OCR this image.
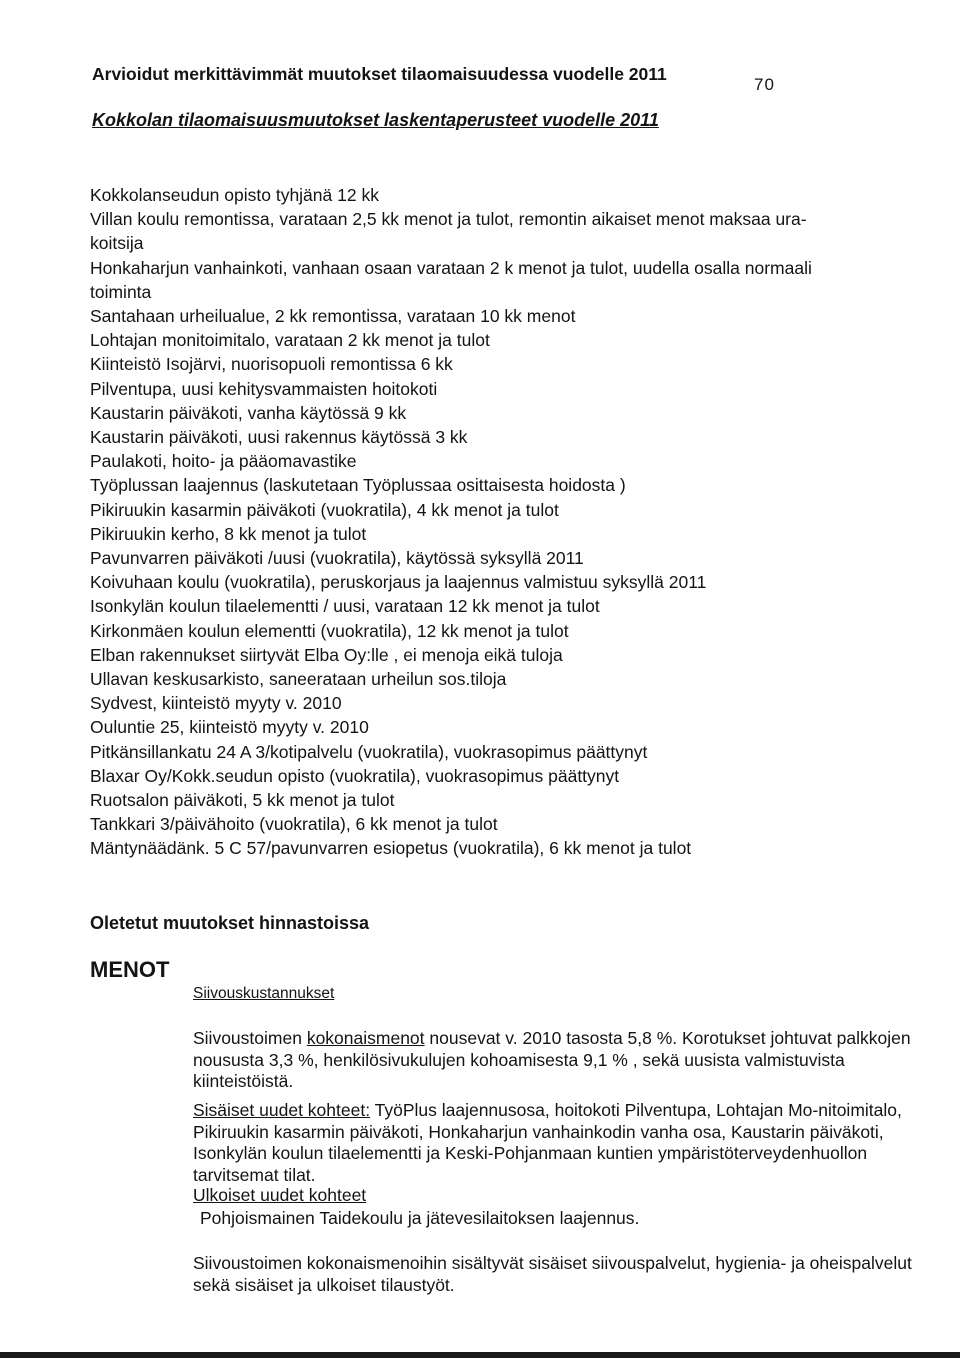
Arvioidut merkittävimmät muutokset tilaomaisuudessa vuodelle 2011
70
Kokkolan tilaomaisuusmuutokset laskentaperusteet vuodelle 2011
Kokkolanseudun opisto tyhjänä 12 kk
Villan koulu remontissa, varataan 2,5 kk menot ja tulot, remontin aikaiset menot maksaa ura-
koitsija
Honkaharjun vanhainkoti, vanhaan osaan varataan 2 k menot ja tulot, uudella osalla normaali
toiminta
Santahaan urheilualue, 2 kk remontissa, varataan 10 kk menot
Lohtajan monitoimitalo, varataan 2 kk menot ja tulot
Kiinteistö Isojärvi, nuorisopuoli remontissa 6 kk
Pilventupa, uusi kehitysvammaisten hoitokoti
Kaustarin päiväkoti, vanha käytössä 9 kk
Kaustarin päiväkoti, uusi rakennus käytössä 3 kk
Paulakoti, hoito- ja pääomavastike
Työplussan laajennus (laskutetaan Työplussaa osittaisesta hoidosta )
Pikiruukin kasarmin päiväkoti (vuokratila), 4 kk menot ja tulot
Pikiruukin kerho, 8 kk menot ja tulot
Pavunvarren päiväkoti /uusi (vuokratila), käytössä syksyllä 2011
Koivuhaan koulu (vuokratila), peruskorjaus ja laajennus valmistuu syksyllä 2011
Isonkylän koulun tilaelementti / uusi, varataan 12 kk menot ja tulot
Kirkonmäen koulun elementti (vuokratila), 12 kk menot ja tulot
Elban rakennukset siirtyvät Elba Oy:lle , ei menoja eikä tuloja
Ullavan keskusarkisto, saneerataan urheilun sos.tiloja
Sydvest, kiinteistö myyty v. 2010
Ouluntie 25, kiinteistö myyty v. 2010
Pitkänsillankatu 24 A 3/kotipalvelu (vuokratila), vuokrasopimus päättynyt
Blaxar Oy/Kokk.seudun opisto (vuokratila), vuokrasopimus päättynyt
Ruotsalon päiväkoti, 5 kk menot ja tulot
Tankkari 3/päivähoito (vuokratila), 6 kk menot ja tulot
Mäntynäädänk. 5 C 57/pavunvarren esiopetus (vuokratila), 6 kk menot ja tulot
Oletetut muutokset hinnastoissa
MENOT
Siivouskustannukset
Siivoustoimen kokonaismenot nousevat v. 2010 tasosta 5,8 %. Korotukset johtuvat palkkojen noususta 3,3 %, henkilösivukulujen kohoamisesta 9,1 % , sekä uusista valmistuvista kiinteistöistä.
Sisäiset uudet kohteet: TyöPlus laajennusosa, hoitokoti Pilventupa, Lohtajan Mo-nitoimitalo, Pikiruukin kasarmin päiväkoti, Honkaharjun vanhainkodin vanha osa, Kaustarin päiväkoti, Isonkylän koulun tilaelementti ja Keski-Pohjanmaan kuntien ympäristöterveydenhuollon tarvitsemat tilat.
Ulkoiset uudet kohteet
Pohjoismainen Taidekoulu ja jätevesilaitoksen laajennus.
Siivoustoimen kokonaismenoihin sisältyvät sisäiset siivouspalvelut, hygienia- ja oheispalvelut sekä sisäiset ja ulkoiset tilaustyöt.
